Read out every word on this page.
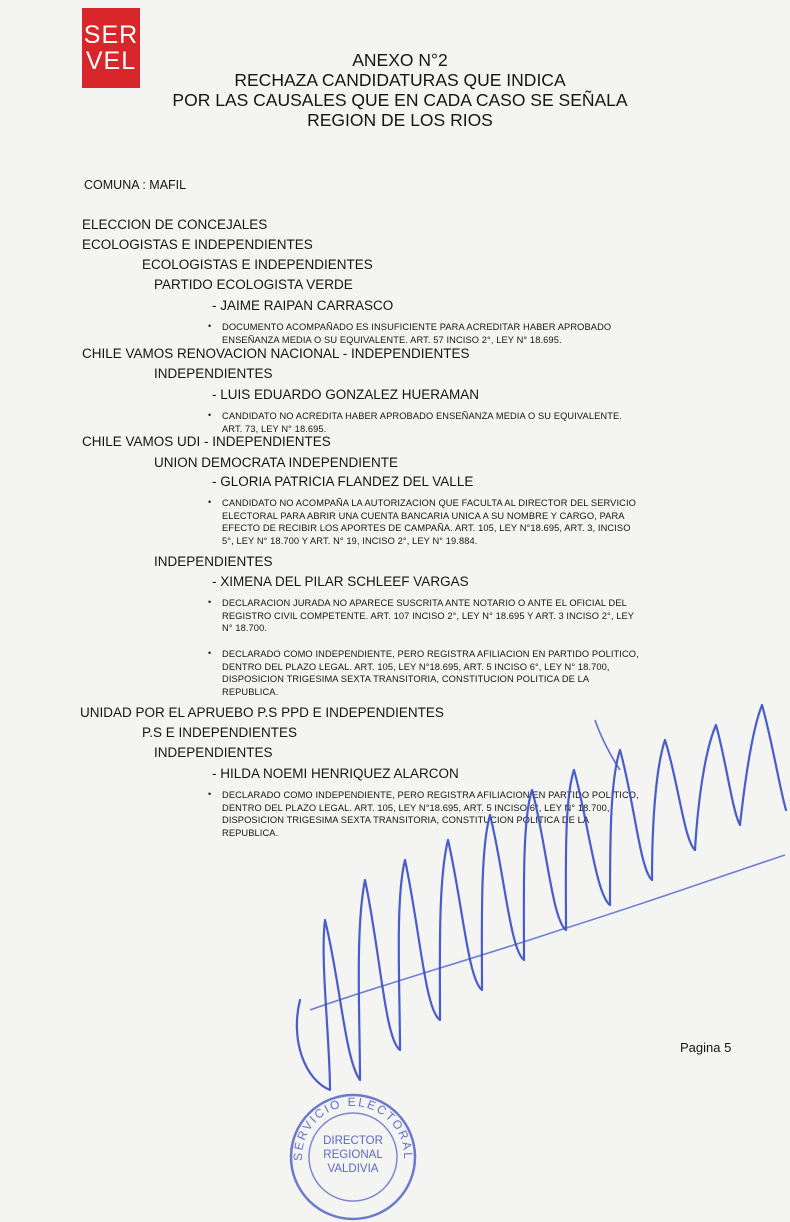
SER
VEL	ANEXO N°2
RECHAZA CANDIDATURAS QUE INDICA
POR LAS CAUSALES QUE EN CADA CASO SE SEÑALA
REGION DE LOS RIOS
COMUNA : MAFIL
ELECCION DE CONCEJALES
ECOLOGISTAS E INDEPENDIENTES
ECOLOGISTAS E INDEPENDIENTES
PARTIDO ECOLOGISTA VERDE
- JAIME RAIPAN CARRASCO
• DOCUMENTO ACOMPAÑADO ES INSUFICIENTE PARA ACREDITAR HABER APROBADO
ENSEÑANZA MEDIA O SU EQUIVALENTE. ART. 57 INCISO 2°, LEY N° 18.695.
CHILE VAMOS RENOVACION NACIONAL - INDEPENDIENTES
INDEPENDIENTES
- LUIS EDUARDO GONZALEZ HUERAMAN
• CANDIDATO NO ACREDITA HABER APROBADO ENSEÑANZA MEDIA O SU EQUIVALENTE.
ART. 73, LEY N° 18.695.
CHILE VAMOS UDI - INDEPENDIENTES
UNION DEMOCRATA INDEPENDIENTE
- GLORIA PATRICIA FLANDEZ DEL VALLE
• CANDIDATO NO ACOMPAÑA LA AUTORIZACION QUE FACULTA AL DIRECTOR DEL SERVICIO
ELECTORAL PARA ABRIR UNA CUENTA BANCARIA UNICA A SU NOMBRE Y CARGO, PARA
EFECTO DE RECIBIR LOS APORTES DE CAMPAÑA. ART. 105, LEY N°18.695, ART. 3, INCISO
5°, LEY N° 18.700 Y ART. N° 19, INCISO 2°, LEY N° 19.884.
INDEPENDIENTES
- XIMENA DEL PILAR SCHLEEF VARGAS
• DECLARACION JURADA NO APARECE SUSCRITA ANTE NOTARIO O ANTE EL OFICIAL DEL
REGISTRO CIVIL COMPETENTE. ART. 107 INCISO 2°, LEY N° 18.695 Y ART. 3 INCISO 2°, LEY
N° 18.700.
• DECLARADO COMO INDEPENDIENTE, PERO REGISTRA AFILIACION EN PARTIDO POLITICO,
DENTRO DEL PLAZO LEGAL. ART. 105, LEY N°18.695, ART. 5 INCISO 6°, LEY N° 18.700,
DISPOSICION TRIGESIMA SEXTA TRANSITORIA, CONSTITUCION POLITICA DE LA
REPUBLICA.
UNIDAD POR EL APRUEBO P.S PPD E INDEPENDIENTES
P.S E INDEPENDIENTES
INDEPENDIENTES
- HILDA NOEMI HENRIQUEZ ALARCON
• DECLARADO COMO INDEPENDIENTE, PERO REGISTRA AFILIACION EN PARTIDO POLITICO,
DENTRO DEL PLAZO LEGAL. ART. 105, LEY N°18.695, ART. 5 INCISO 6°, LEY N° 18.700,
DISPOSICION TRIGESIMA SEXTA TRANSITORIA, CONSTITUCION POLITICA DE LA
REPUBLICA.
Pagina 5
SERVICIO ELECTORAL
DIRECTOR
REGIONAL
VALDIVIA
